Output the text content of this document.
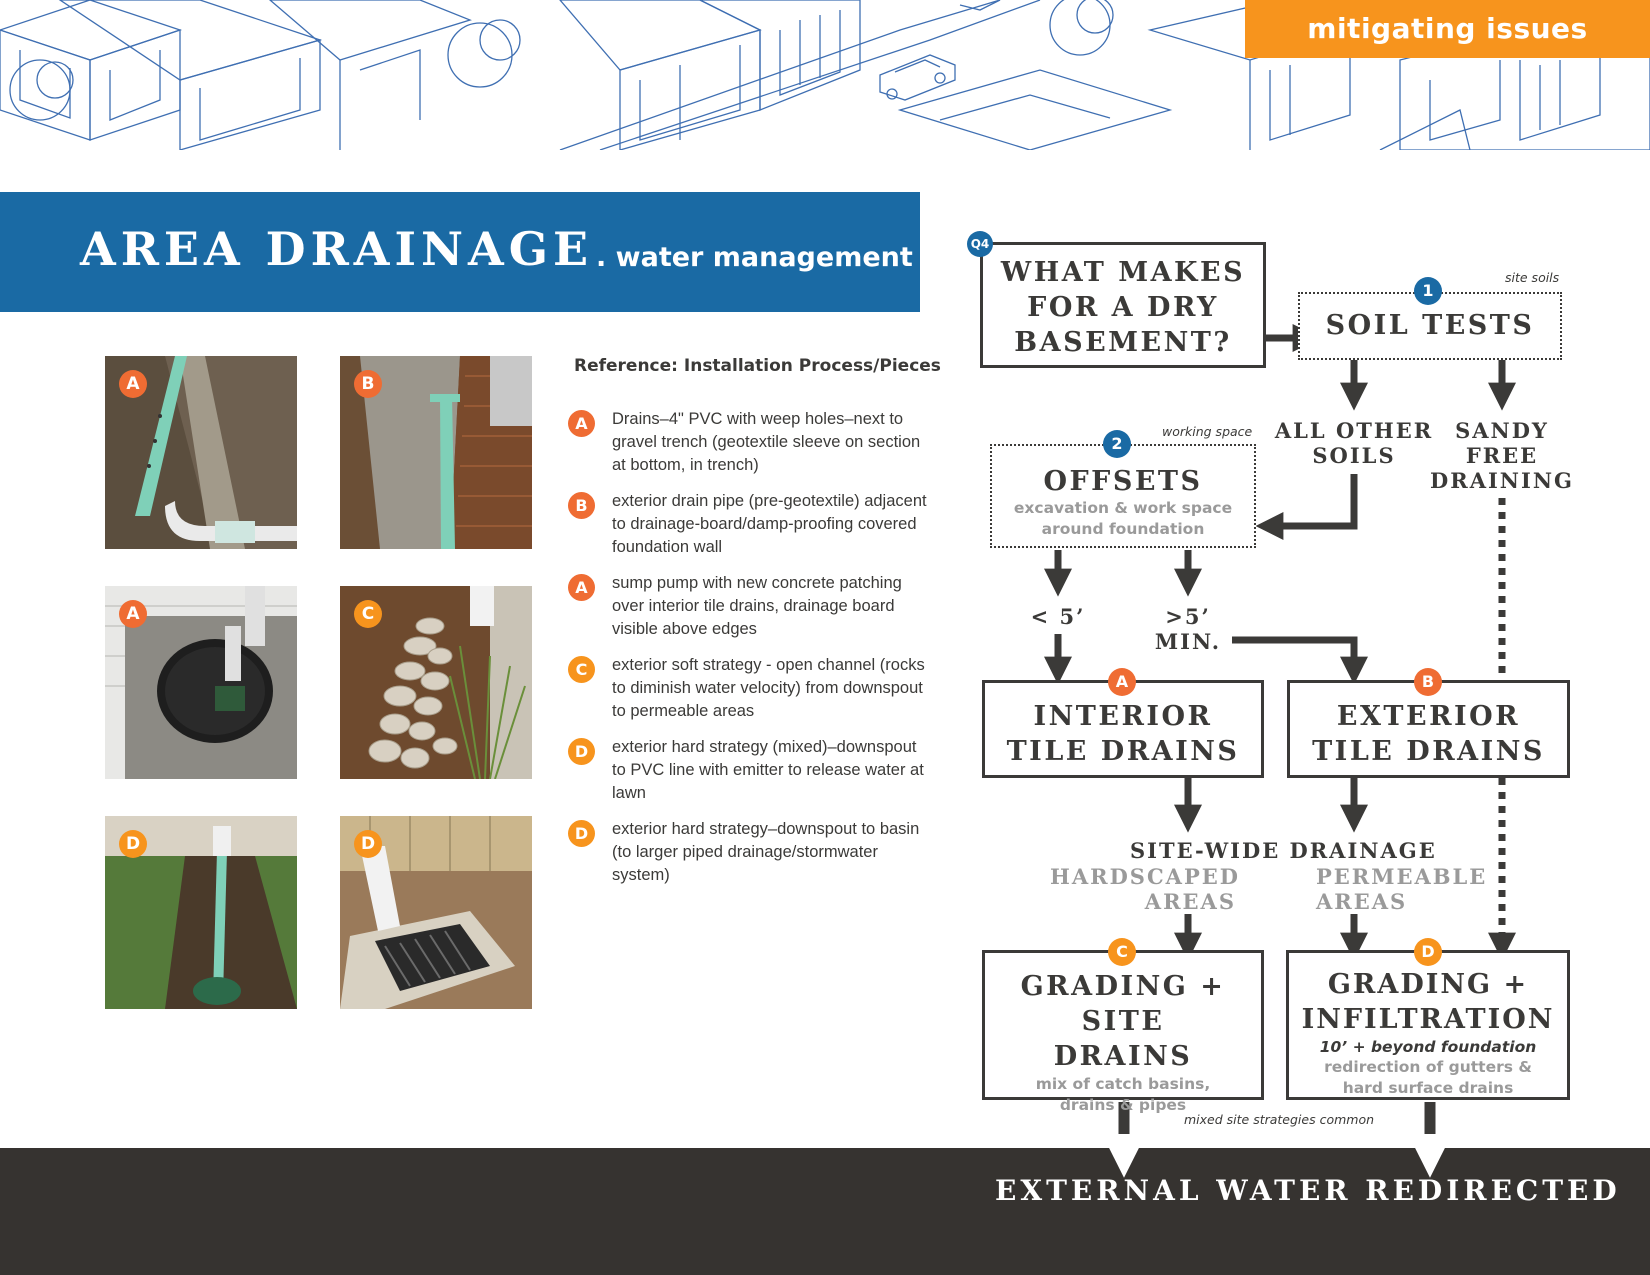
mitigating issues
AREA DRAINAGE . water management
A	B
A	C
D	D
Reference: Installation Process/Pieces
A	Drains–4" PVC with weep holes–next to gravel trench (geotextile sleeve on section at bottom, in trench)
B	exterior drain pipe (pre-geotextile) adjacent to drainage-board/damp-proofing covered foundation wall
A	sump pump with new concrete patching over interior tile drains, drainage board visible above edges
C	exterior soft strategy - open channel (rocks to diminish water velocity) from downspout to permeable areas
D	exterior hard strategy (mixed)–downspout to PVC line with emitter to release water at lawn
D	exterior hard strategy–downspout to basin (to larger piped drainage/stormwater system)
WHAT MAKES FOR A DRY BASEMENT?
Q4
site soils
SOIL TESTS
1
ALL OTHER SOILS
SANDY FREE DRAINING
working space
OFFSETS
excavation & work space around foundation
2
< 5’	>5’ MIN.
INTERIOR TILE DRAINS
A
EXTERIOR TILE DRAINS
B
SITE-WIDE DRAINAGE
HARDSCAPED AREAS
PERMEABLE AREAS
GRADING + SITE DRAINS
mix of catch basins, drains & pipes
C
GRADING + INFILTRATION
10’ + beyond foundation
redirection of gutters & hard surface drains
D
mixed site strategies common
EXTERNAL WATER REDIRECTED
